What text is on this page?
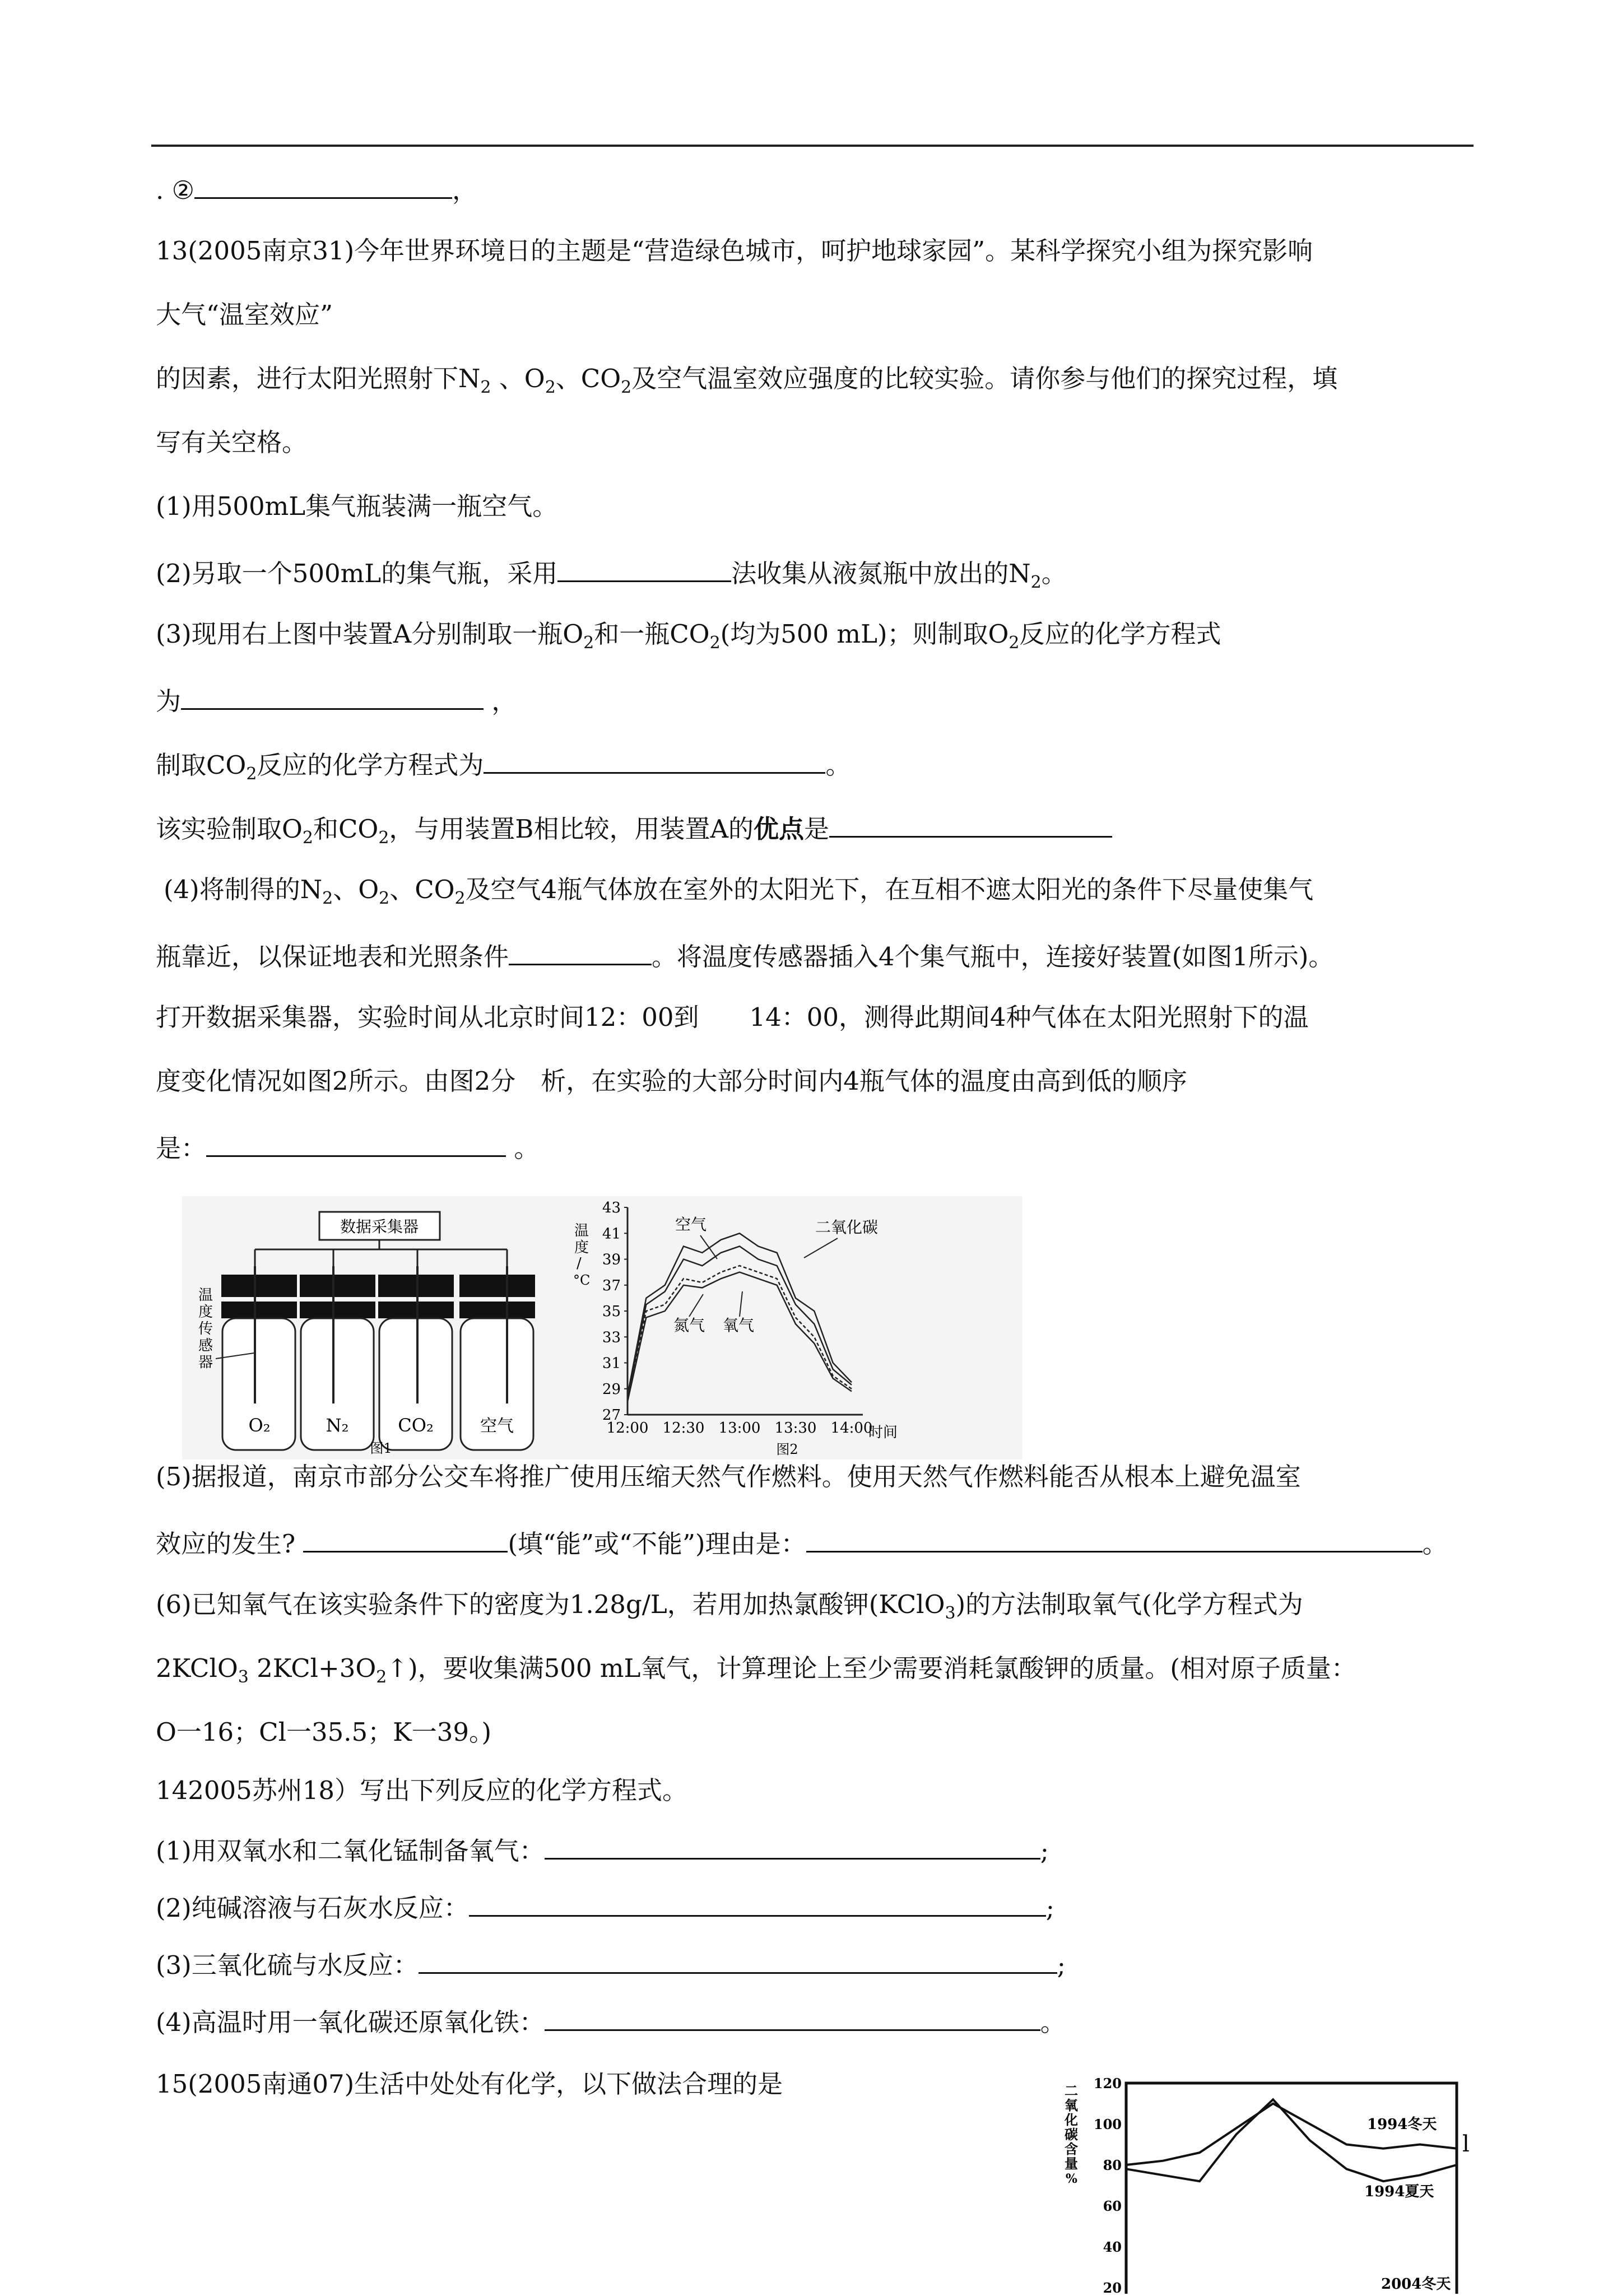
. ②	，
13(2005南京31)今年世界环境日的主题是“营造绿色城市，呵护地球家园”。某科学探究小组为探究影响
大气“温室效应”
的因素，进行太阳光照射下$N_2$ 、$O_2$、$CO_2$及空气温室效应强度的比较实验。请你参与他们的探究过程，填
写有关空格。
(1)用500mL集气瓶装满一瓶空气。
(2)另取一个500mL的集气瓶，采用	法收集从液氮瓶中放出的$N_2$。
(3)现用右上图中装置A分别制取一瓶$O_2$和一瓶$CO_2$(均为500 mL)；则制取$O_2$反应的化学方程式
为	，
制取$CO_2$反应的化学方程式为	。
该实验制取$O_2$和$CO_2$，与用装置B相比较，用装置A的优点是
(4)将制得的$N_2$、$O_2$、$CO_2$及空气4瓶气体放在室外的太阳光下，在互相不遮太阳光的条件下尽量使集气
瓶靠近，以保证地表和光照条件	。将温度传感器插入4个集气瓶中，连接好装置(如图1所示)。
打开数据采集器，实验时间从北京时间12：00到　　14：00，测得此期间4种气体在太阳光照射下的温
度变化情况如图2所示。由图2分　析，在实验的大部分时间内4瓶气体的温度由高到低的顺序
是：	。
数据采集器
O₂	N₂	CO₂	空气
温
度
传
感
器
图1
温
度
/
°C
时间
图2
空气	二氧化碳
氮气 氧气
43
41
39
37
35
33
31
29
27
12:00 12:30 13:00 13:30 14:00
(5)据报道，南京市部分公交车将推广使用压缩天然气作燃料。使用天然气作燃料能否从根本上避免温室
效应的发生?	(填“能”或“不能”)理由是：	。
(6)已知氧气在该实验条件下的密度为1.28g/L，若用加热氯酸钾(KClO$_3$)的方法制取氧气(化学方程式为
2KClO$_3$ $2KCl+3O_2↑$)，要收集满500 mL氧气，计算理论上至少需要消耗氯酸钾的质量。(相对原子质量：
O一16；Cl一35.5；K一39。)
142005苏州18）写出下列反应的化学方程式。
(1)用双氧水和二氧化锰制备氧气：	;
(2)纯碱溶液与石灰水反应：	;
(3)三氧化硫与水反应：	;
(4)高温时用一氧化碳还原氧化铁：	。
15(2005南通07)生活中处处有化学，以下做法合理的是	二
氧
化
碳
含
量
%
1994冬天
1994夏天
2004冬天
120
100
80
60
40
20
l
